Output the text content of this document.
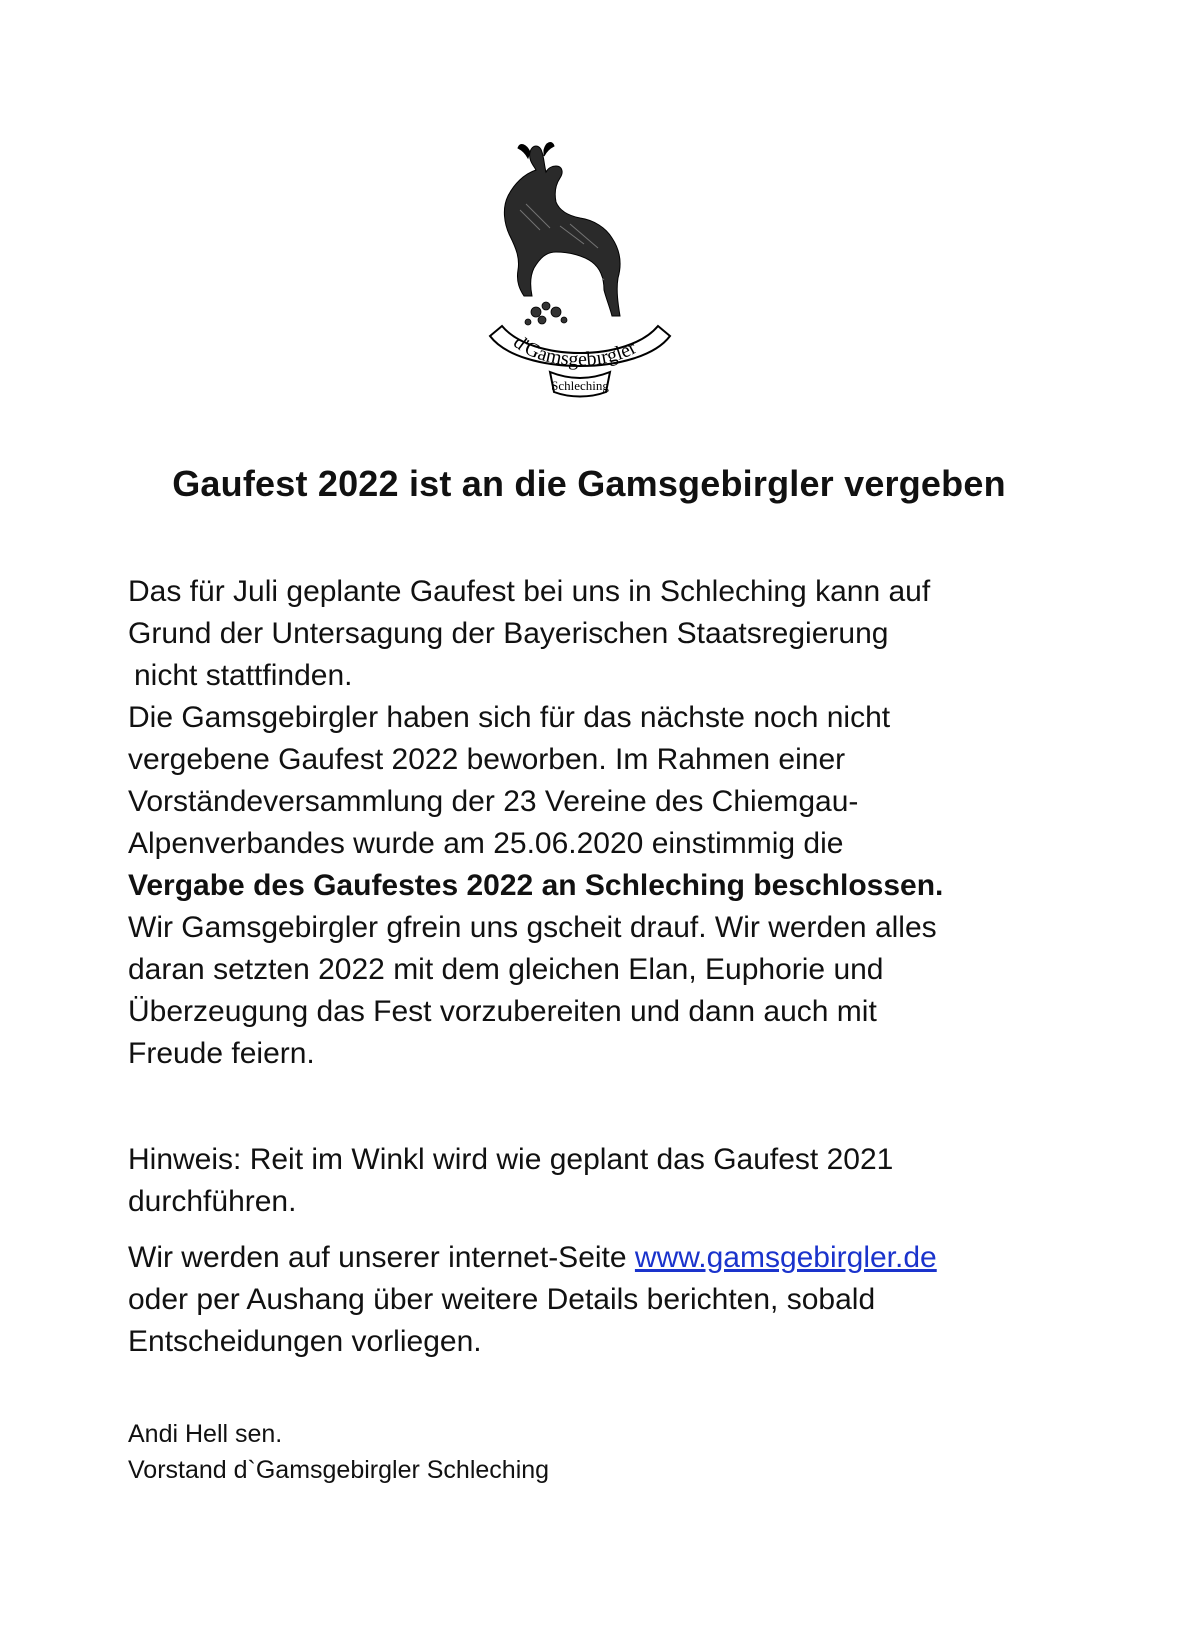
d'Gamsgebirgler
Schleching
Gaufest 2022 ist an die Gamsgebirgler vergeben
Das für Juli geplante Gaufest bei uns in Schleching kann auf
Grund der Untersagung der Bayerischen Staatsregierung
nicht stattfinden.
Die Gamsgebirgler haben sich für das nächste noch nicht
vergebene Gaufest 2022 beworben. Im Rahmen einer
Vorständeversammlung der 23 Vereine des Chiemgau-
Alpenverbandes wurde am 25.06.2020 einstimmig die
Vergabe des Gaufestes 2022 an Schleching beschlossen.
Wir Gamsgebirgler gfrein uns gscheit drauf. Wir werden alles
daran setzten 2022 mit dem gleichen Elan, Euphorie und
Überzeugung das Fest vorzubereiten und dann auch mit
Freude feiern.
Hinweis: Reit im Winkl wird wie geplant das Gaufest 2021
durchführen.
Wir werden auf unserer internet-Seite www.gamsgebirgler.de
oder per Aushang über weitere Details berichten, sobald
Entscheidungen vorliegen.
Andi Hell sen.
Vorstand d`Gamsgebirgler Schleching
